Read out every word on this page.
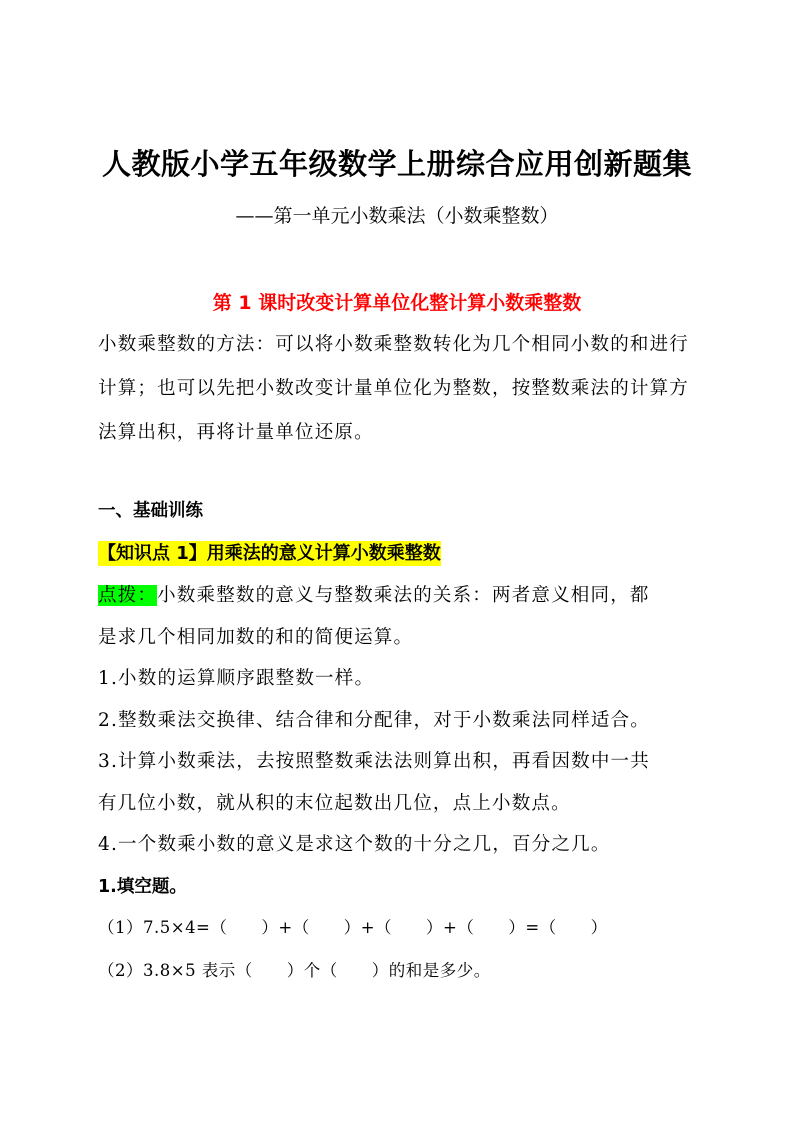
人教版小学五年级数学上册综合应用创新题集
——第一单元小数乘法（小数乘整数）
第 1 课时改变计算单位化整计算小数乘整数
小数乘整数的方法：可以将小数乘整数转化为几个相同小数的和进行
计算；也可以先把小数改变计量单位化为整数，按整数乘法的计算方
法算出积，再将计量单位还原。
一、基础训练
【知识点 1】用乘法的意义计算小数乘整数
点拨：小数乘整数的意义与整数乘法的关系：两者意义相同，都
是求几个相同加数的和的简便运算。
1.小数的运算顺序跟整数一样。
2.整数乘法交换律、结合律和分配律，对于小数乘法同样适合。
3.计算小数乘法，去按照整数乘法法则算出积，再看因数中一共
有几位小数，就从积的末位起数出几位，点上小数点。
4.一个数乘小数的意义是求这个数的十分之几，百分之几。
1.填空题。
（1）7.5×4=（　　）+（　　）+（　　）+（　　）=（　　）
（2）3.8×5 表示（　　）个（　　）的和是多少。
